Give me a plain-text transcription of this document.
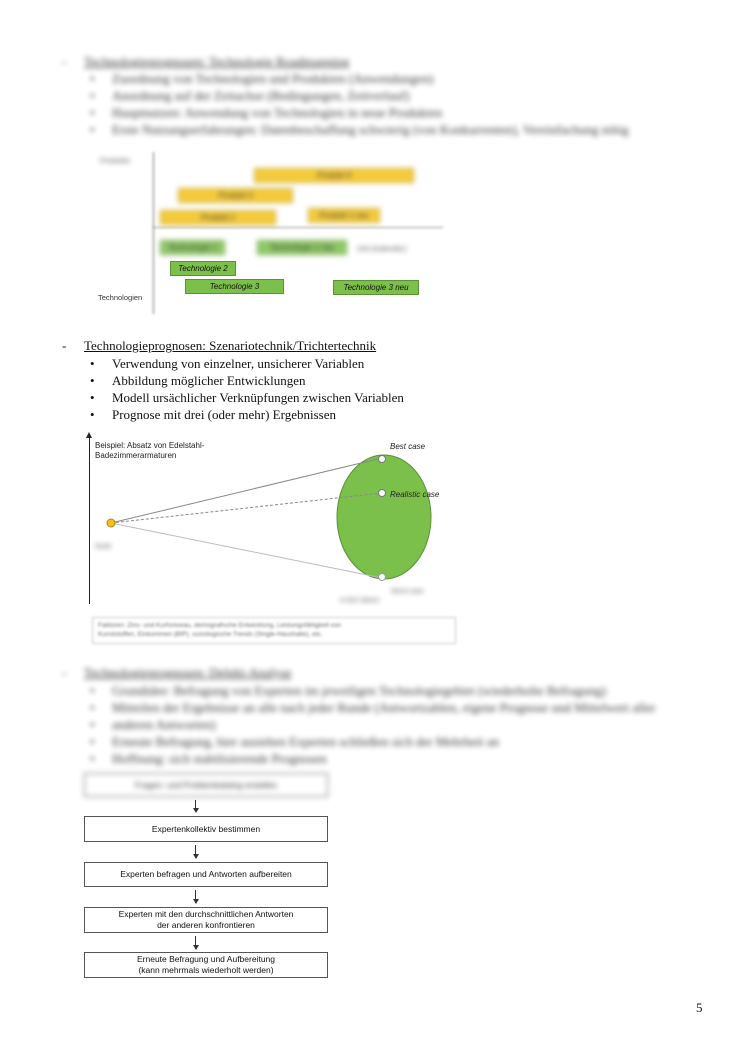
- Technologieprognosen: Technologie Roadmapping
• Zuordnung von Technologien und Produkten (Anwendungen)
• Anordnung auf der Zeitachse (Bedingungen, Zeitverlauf)
• Hauptnutzen: Anwendung von Technologien in neue Produkten
• Erste Nutzungserfahrungen: Datenbeschaffung schwierig (von Konkurrenten), Vereinfachung nötig
Produkte
Technologien
Zeit (Kalender)
Produkt 4
Produkt 3
Produkt 1	Produkt 1 neu
Technologie 1	Technologie 1 neu
Technologie 2
Technologie 3	Technologie 3 neu
- Technologieprognosen: Szenariotechnik/Trichtertechnik
• Verwendung von einzelner, unsicherer Variablen
• Abbildung möglicher Entwicklungen
• Modell ursächlicher Verknüpfungen zwischen Variablen
• Prognose mit drei (oder mehr) Ergebnissen
Beispiel: Absatz von Edelstahl-
Badezimmerarmaturen
Best case
Realistic case
Worst case
heute
in fünf Jahren
Faktoren: Zins- und Kurfsniveau, demografische Entwicklung, Leistungsfähigkeit von
Kunststoffen, Einkommen (BIP), soziologische Trends (Single-Haushalte), etc.
- Technologieprognosen: Delphi-Analyse
• Grundidee: Befragung von Experten im jeweiligen Technologiegebiet (wiederholte Befragung)
• Mitteilen der Ergebnisse an alle nach jeder Runde (Antwortzahlen, eigene Prognose und Mittelwert aller
• anderen Antworten)
• Erneute Befragung, hier ausiehen Experten schließen sich der Mehrheit an
• Hoffnung: sich stabilisierende Prognosen
Fragen- und Problemkatalog erstellen
Expertenkollektiv bestimmen
Experten befragen und Antworten aufbereiten
Experten mit den durchschnittlichen Antworten
der anderen konfrontieren
Erneute Befragung und Aufbereitung
(kann mehrmals wiederholt werden)
5
